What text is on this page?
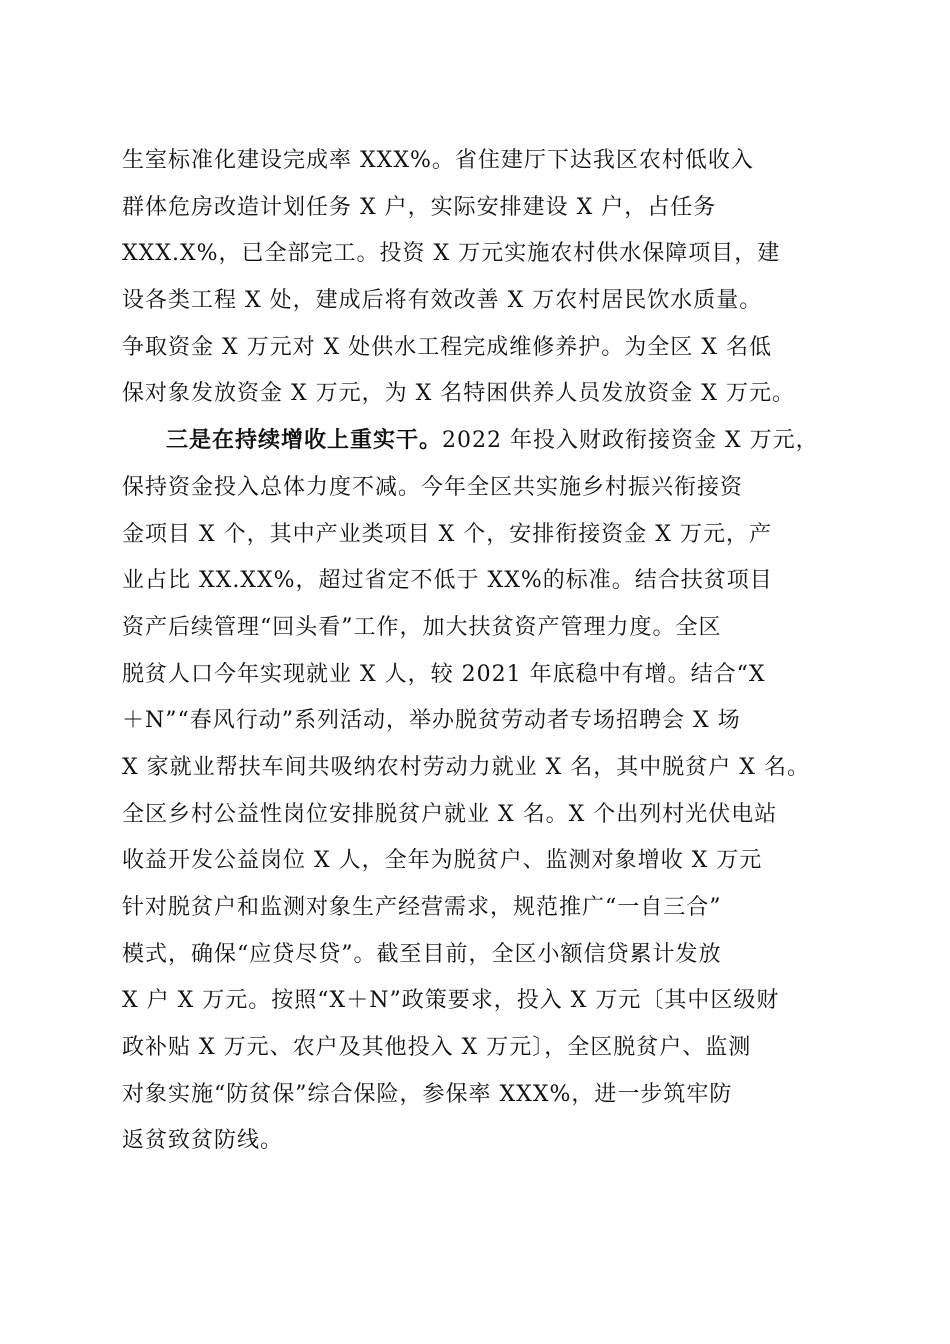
生室标准化建设完成率 XXX%。省住建厅下达我区农村低收入
群体危房改造计划任务 X 户，实际安排建设 X 户，占任务
XXX.X%，已全部完工。投资 X 万元实施农村供水保障项目，建
设各类工程 X 处，建成后将有效改善 X 万农村居民饮水质量。
争取资金 X 万元对 X 处供水工程完成维修养护。为全区 X 名低
保对象发放资金 X 万元，为 X 名特困供养人员发放资金 X 万元。
三是在持续增收上重实干。2022 年投入财政衔接资金 X 万元，
保持资金投入总体力度不减。今年全区共实施乡村振兴衔接资
金项目 X 个，其中产业类项目 X 个，安排衔接资金 X 万元，产
业占比 XX.XX%，超过省定不低于 XX%的标准。结合扶贫项目
资产后续管理“回头看”工作，加大扶贫资产管理力度。全区
脱贫人口今年实现就业 X 人，较 2021 年底稳中有增。结合“X
＋N”“春风行动”系列活动，举办脱贫劳动者专场招聘会 X 场
X 家就业帮扶车间共吸纳农村劳动力就业 X 名，其中脱贫户 X 名。
全区乡村公益性岗位安排脱贫户就业 X 名。X 个出列村光伏电站
收益开发公益岗位 X 人，全年为脱贫户、监测对象增收 X 万元
针对脱贫户和监测对象生产经营需求，规范推广“一自三合”
模式，确保“应贷尽贷”。截至目前，全区小额信贷累计发放
X 户 X 万元。按照“X＋N”政策要求，投入 X 万元〔其中区级财
政补贴 X 万元、农户及其他投入 X 万元〕，全区脱贫户、监测
对象实施“防贫保”综合保险，参保率 XXX%，进一步筑牢防
返贫致贫防线。
